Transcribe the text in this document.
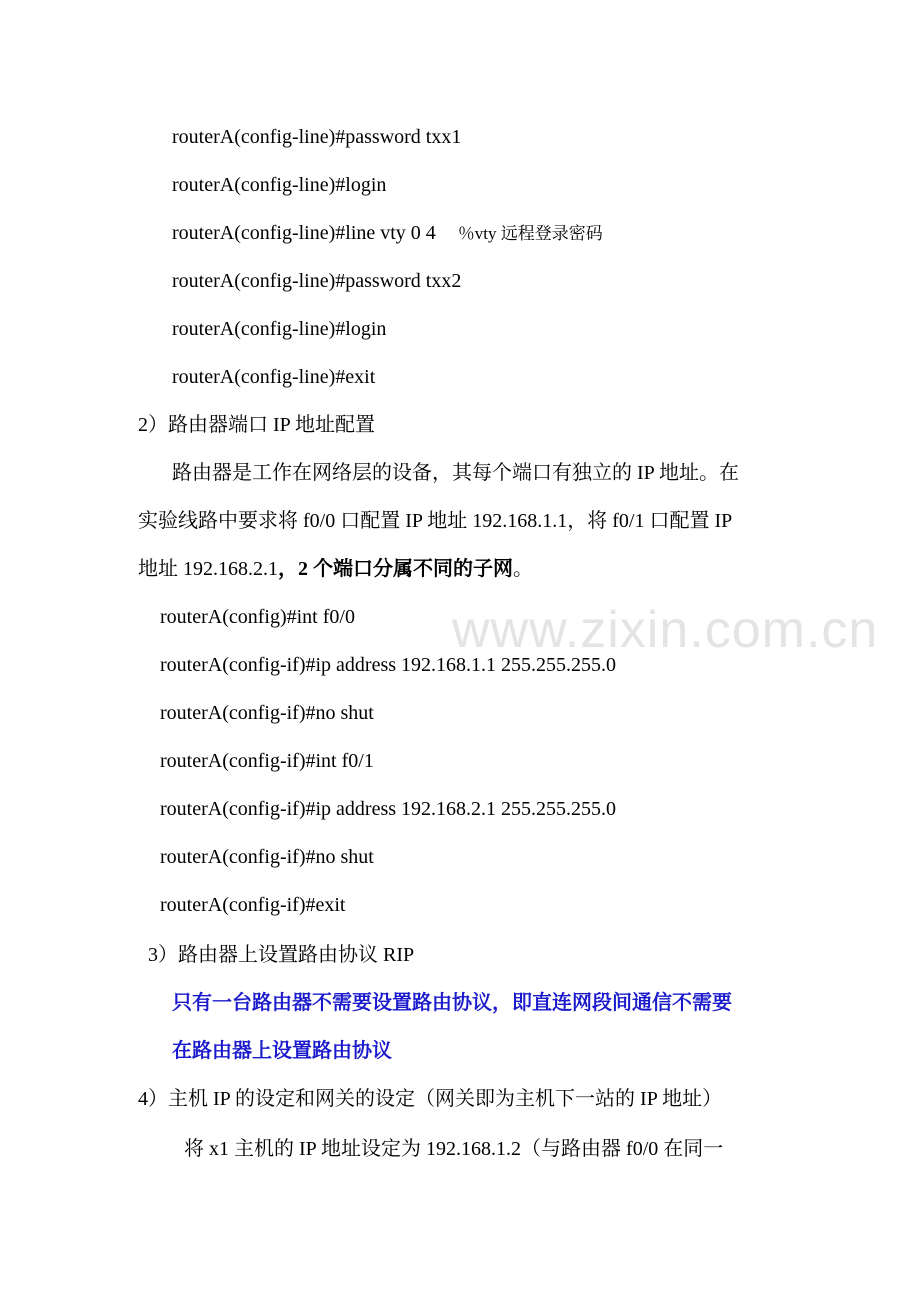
www.zixin.com.cn
routerA(config-line)#password txx1
routerA(config-line)#login
routerA(config-line)#line vty 0 4 ％vty 远程登录密码
routerA(config-line)#password txx2
routerA(config-line)#login
routerA(config-line)#exit
2）路由器端口 IP 地址配置
路由器是工作在网络层的设备，其每个端口有独立的 IP 地址。在
实验线路中要求将 f0/0 口配置 IP 地址 192.168.1.1，将 f0/1 口配置 IP
地址 192.168.2.1，2 个端口分属不同的子网。
routerA(config)#int f0/0
routerA(config-if)#ip address 192.168.1.1 255.255.255.0
routerA(config-if)#no shut
routerA(config-if)#int f0/1
routerA(config-if)#ip address 192.168.2.1 255.255.255.0
routerA(config-if)#no shut
routerA(config-if)#exit
3）路由器上设置路由协议 RIP
只有一台路由器不需要设置路由协议，即直连网段间通信不需要
在路由器上设置路由协议
4）主机 IP 的设定和网关的设定（网关即为主机下一站的 IP 地址）
将 x1 主机的 IP 地址设定为 192.168.1.2（与路由器 f0/0 在同一
